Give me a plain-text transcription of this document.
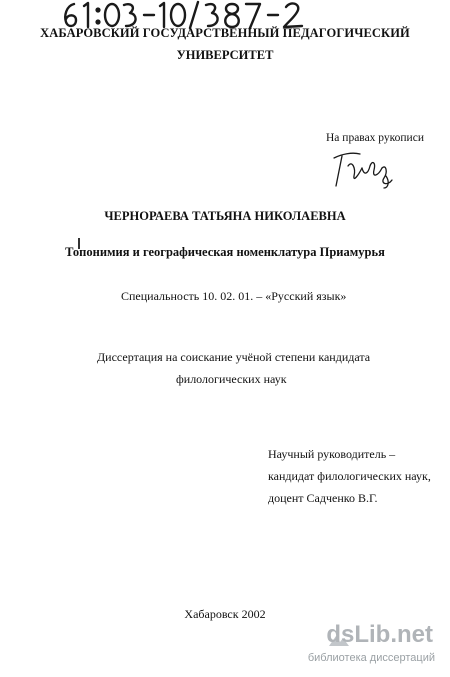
ХАБАРОВСКИЙ ГОСУДАРСТВЕННЫЙ ПЕДАГОГИЧЕСКИЙ
УНИВЕРСИТЕТ
На правах рукописи
ЧЕРНОРАЕВА ТАТЬЯНА НИКОЛАЕВНА
Топонимия и географическая номенклатура Приамурья
Специальность 10. 02. 01. – «Русский язык»
Диссертация на соискание учёной степени кандидата
филологических наук
Научный руководитель –
кандидат филологических наук,
доцент Садченко В.Г.
Хабаровск 2002
dsLib.net
библиотека диссертаций
